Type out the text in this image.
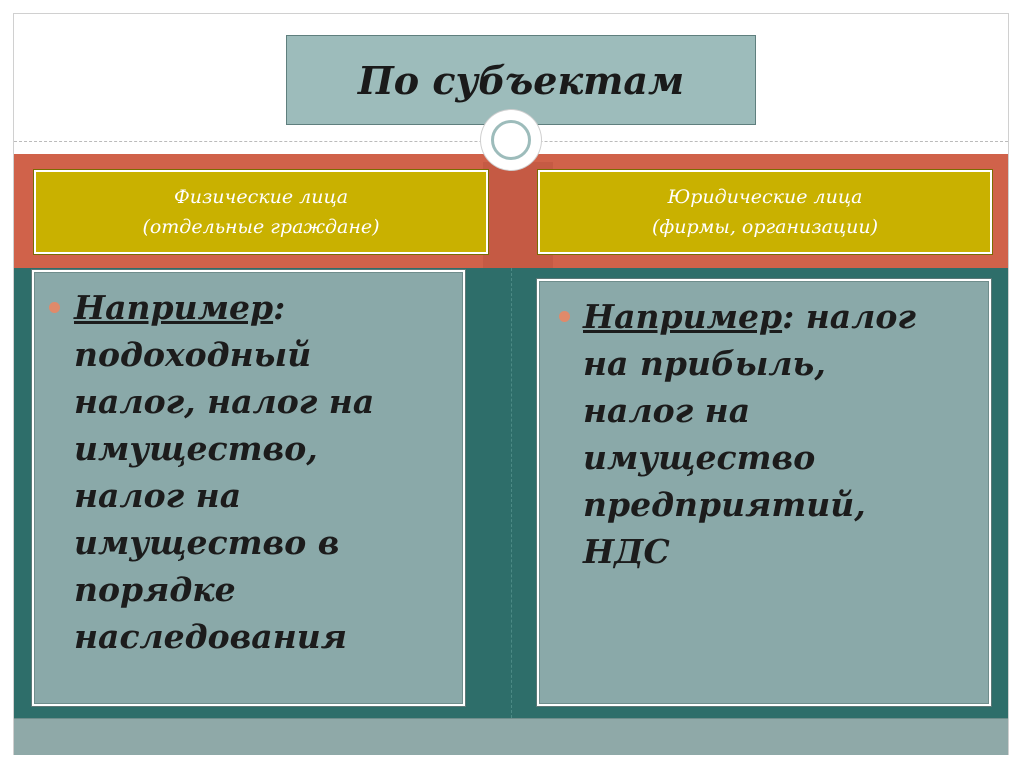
По субъектам
Физические лица
(отдельные граждане)
Юридические лица
(фирмы, организации)

Например:
подоходный
налог, налог на
имущество,
налог на
имущество в
порядке
наследования

Например: налог
на прибыль,
налог на
имущество
предприятий,
НДС
